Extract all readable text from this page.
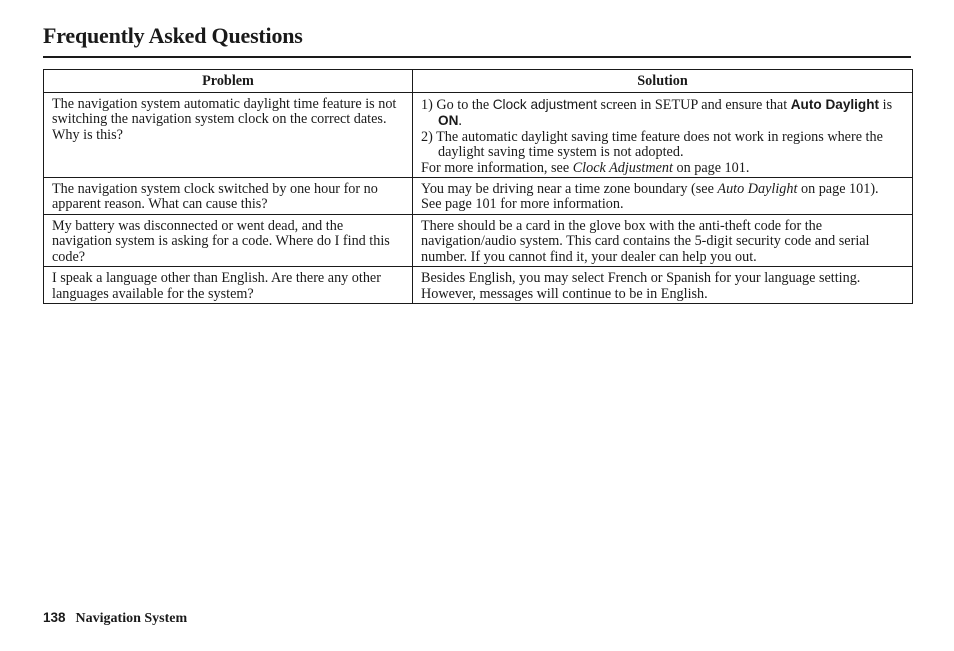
Frequently Asked Questions
Problem	Solution
The navigation system automatic daylight time feature is not switching the navigation system clock on the correct dates. Why is this?	1) Go to the Clock adjustment screen in SETUP and ensure that Auto Daylight is ON.
2) The automatic daylight saving time feature does not work in regions where the daylight saving time system is not adopted.
For more information, see Clock Adjustment on page 101.

The navigation system clock switched by one hour for no apparent reason. What can cause this?	You may be driving near a time zone boundary (see Auto Daylight on page 101).
See page 101 for more information.

My battery was disconnected or went dead, and the navigation system is asking for a code. Where do I find this code?	There should be a card in the glove box with the anti-theft code for the navigation/audio system. This card contains the 5-digit security code and serial number. If you cannot find it, your dealer can help you out.
I speak a language other than English. Are there any other languages available for the system?	Besides English, you may select French or Spanish for your language setting.
However, messages will continue to be in English.
138 Navigation System
